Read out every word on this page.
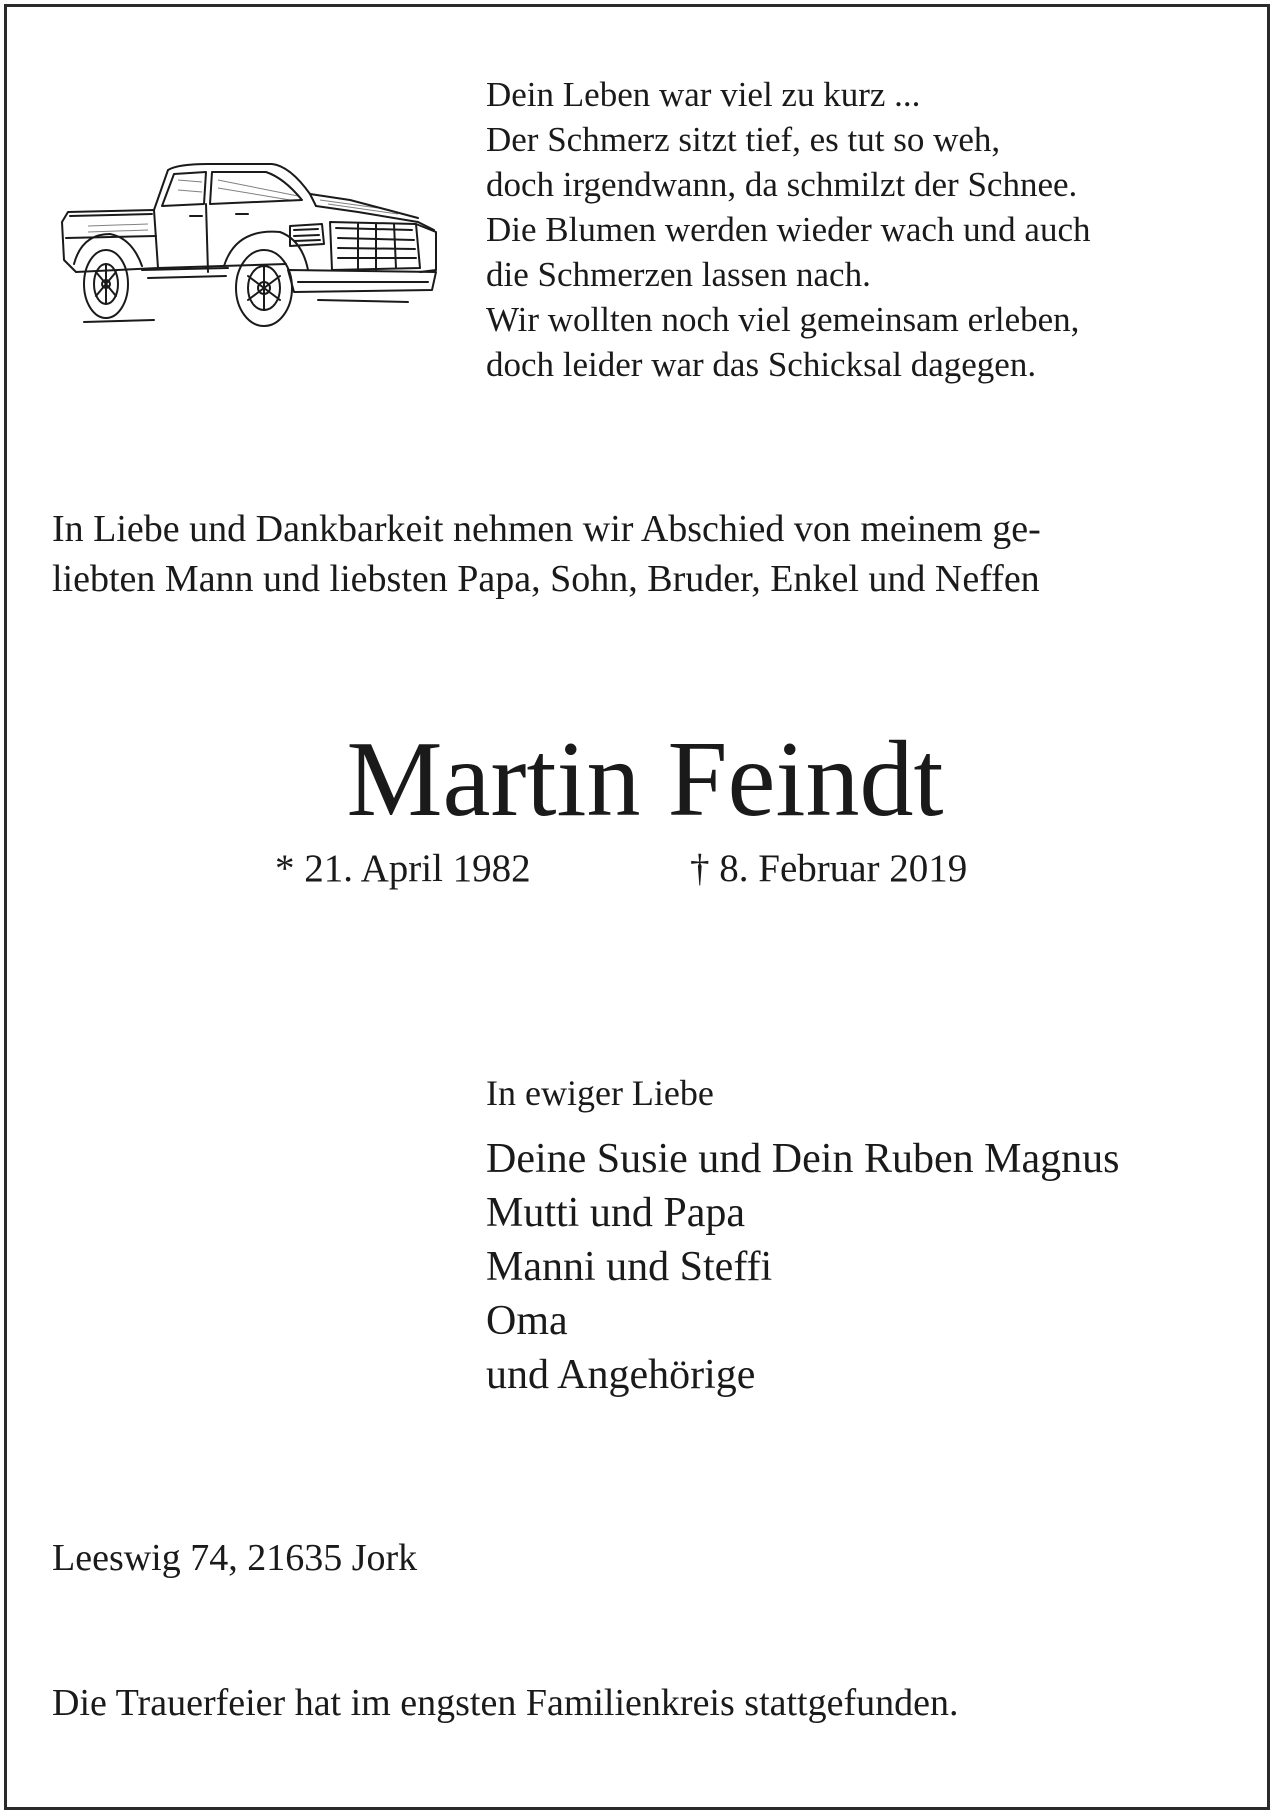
Dein Leben war viel zu kurz ...
Der Schmerz sitzt tief, es tut so weh,
doch irgendwann, da schmilzt der Schnee.
Die Blumen werden wieder wach und auch
die Schmerzen lassen nach.
Wir wollten noch viel gemeinsam erleben,
doch leider war das Schicksal dagegen.
In Liebe und Dankbarkeit nehmen wir Abschied von meinem ge-
liebten Mann und liebsten Papa, Sohn, Bruder, Enkel und Neffen
Martin Feindt
* 21. April 1982	† 8. Februar 2019
In ewiger Liebe
Deine Susie und Dein Ruben Magnus
Mutti und Papa
Manni und Steffi
Oma
und Angehörige
Leeswig 74, 21635 Jork
Die Trauerfeier hat im engsten Familienkreis stattgefunden.
